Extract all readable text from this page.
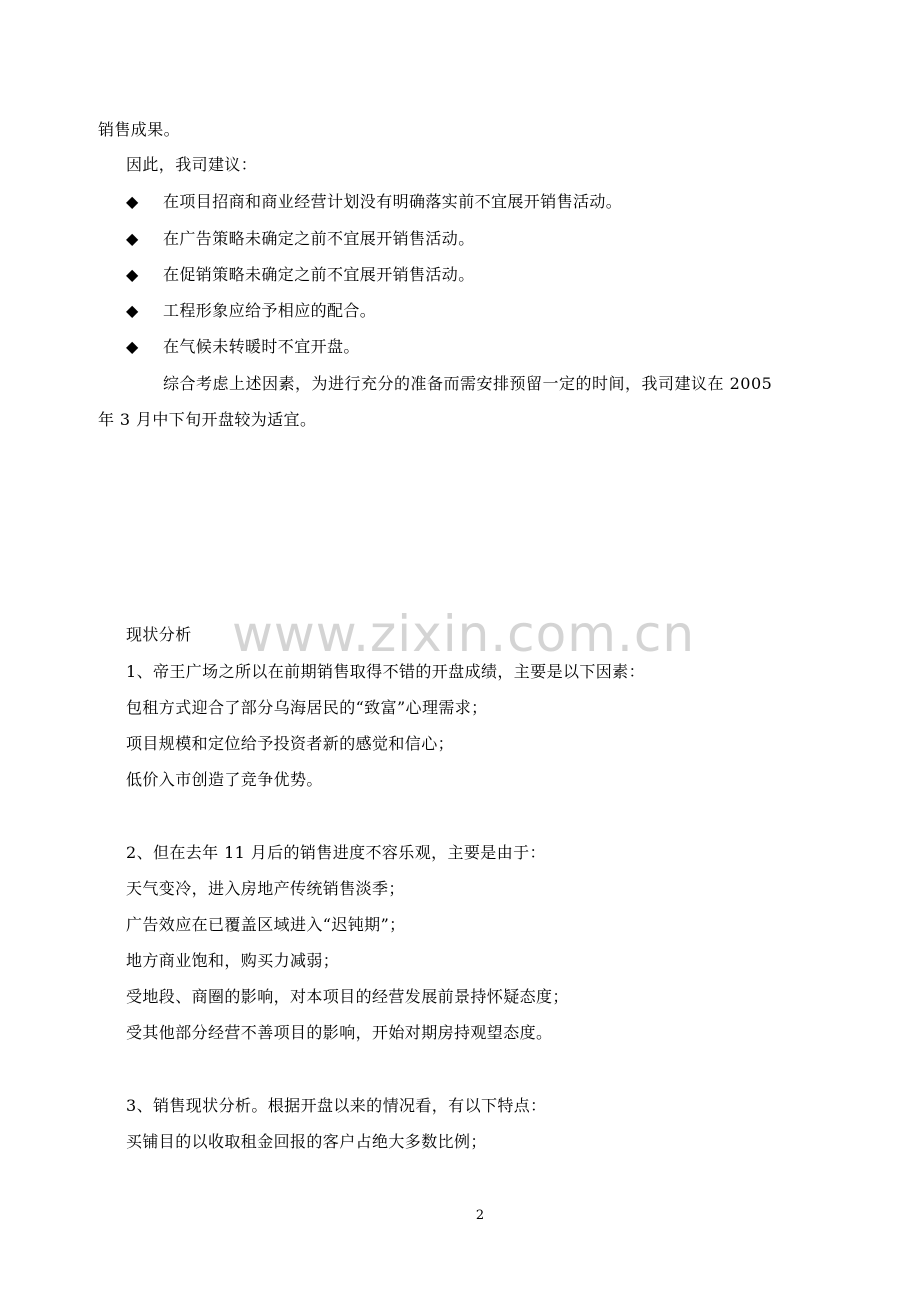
www.zixin.com.cn
销售成果。
因此，我司建议：
◆	在项目招商和商业经营计划没有明确落实前不宜展开销售活动。
◆	在广告策略未确定之前不宜展开销售活动。
◆	在促销策略未确定之前不宜展开销售活动。
◆	工程形象应给予相应的配合。
◆	在气候未转暖时不宜开盘。
综合考虑上述因素，为进行充分的准备而需安排预留一定的时间，我司建议在 2005
年 3 月中下旬开盘较为适宜。
现状分析
1、帝王广场之所以在前期销售取得不错的开盘成绩，主要是以下因素：
包租方式迎合了部分乌海居民的“致富”心理需求；
项目规模和定位给予投资者新的感觉和信心；
低价入市创造了竞争优势。
2、但在去年 11 月后的销售进度不容乐观，主要是由于：
天气变冷，进入房地产传统销售淡季；
广告效应在已覆盖区域进入“迟钝期”；
地方商业饱和，购买力减弱；
受地段、商圈的影响，对本项目的经营发展前景持怀疑态度；
受其他部分经营不善项目的影响，开始对期房持观望态度。
3、销售现状分析。根据开盘以来的情况看，有以下特点：
买铺目的以收取租金回报的客户占绝大多数比例；
2
